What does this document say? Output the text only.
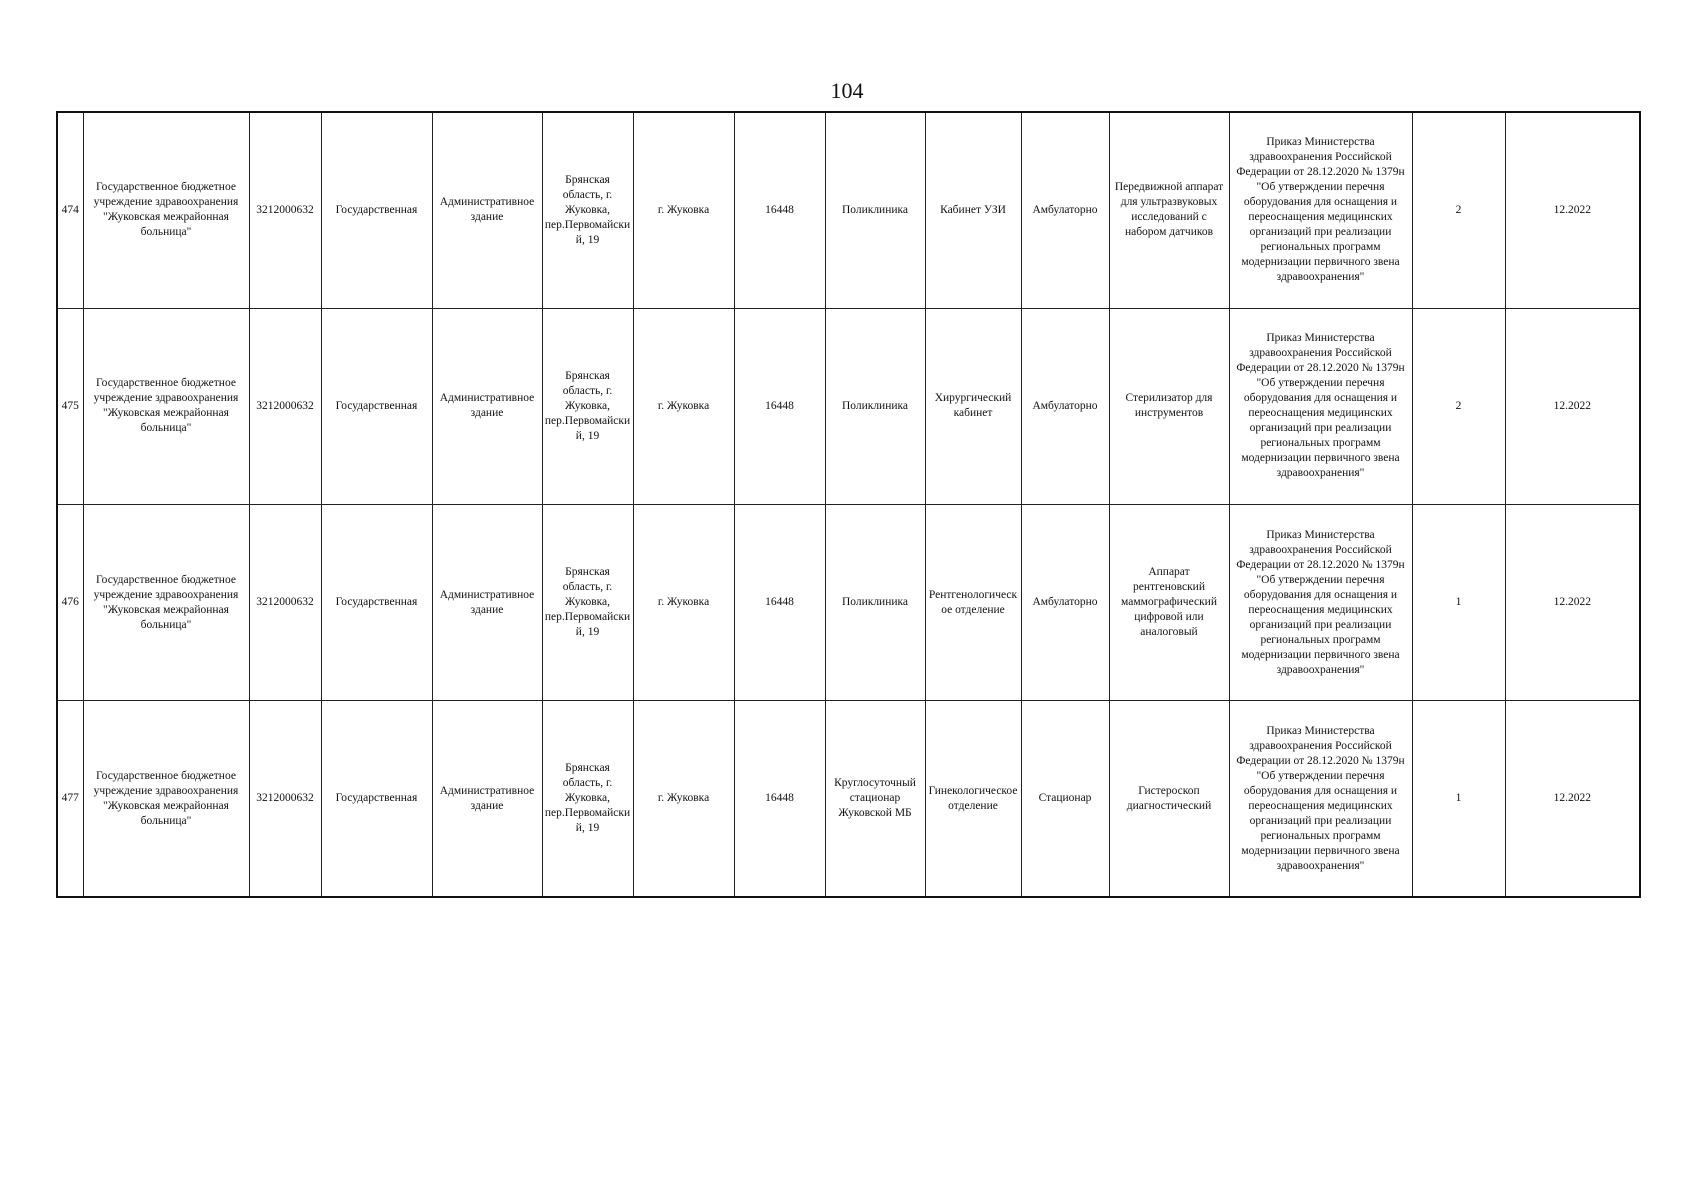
104
474	Государственное бюджетное учреждение здравоохранения "Жуковская межрайонная больница"	3212000632	Государственная	Административное здание	Брянская область, г. Жуковка, пер.Первомайский, 19	г. Жуковка	16448	Поликлиника	Кабинет УЗИ	Амбулаторно	Передвижной аппарат для ультразвуковых исследований с набором датчиков	Приказ Министерства здравоохранения Российской Федерации от 28.12.2020 № 1379н "Об утверждении перечня оборудования для оснащения и переоснащения медицинских организаций при реализации региональных программ модернизации первичного звена здравоохранения"	2	12.2022
475	Государственное бюджетное учреждение здравоохранения "Жуковская межрайонная больница"	3212000632	Государственная	Административное здание	Брянская область, г. Жуковка, пер.Первомайский, 19	г. Жуковка	16448	Поликлиника	Хирургический кабинет	Амбулаторно	Стерилизатор для инструментов	Приказ Министерства здравоохранения Российской Федерации от 28.12.2020 № 1379н "Об утверждении перечня оборудования для оснащения и переоснащения медицинских организаций при реализации региональных программ модернизации первичного звена здравоохранения"	2	12.2022
476	Государственное бюджетное учреждение здравоохранения "Жуковская межрайонная больница"	3212000632	Государственная	Административное здание	Брянская область, г. Жуковка, пер.Первомайский, 19	г. Жуковка	16448	Поликлиника	Рентгенологическое отделение	Амбулаторно	Аппарат рентгеновский маммографический цифровой или аналоговый	Приказ Министерства здравоохранения Российской Федерации от 28.12.2020 № 1379н "Об утверждении перечня оборудования для оснащения и переоснащения медицинских организаций при реализации региональных программ модернизации первичного звена здравоохранения"	1	12.2022
477	Государственное бюджетное учреждение здравоохранения "Жуковская межрайонная больница"	3212000632	Государственная	Административное здание	Брянская область, г. Жуковка, пер.Первомайский, 19	г. Жуковка	16448	Круглосуточный стационар Жуковской МБ	Гинекологическое отделение	Стационар	Гистероскоп диагностический	Приказ Министерства здравоохранения Российской Федерации от 28.12.2020 № 1379н "Об утверждении перечня оборудования для оснащения и переоснащения медицинских организаций при реализации региональных программ модернизации первичного звена здравоохранения"	1	12.2022
